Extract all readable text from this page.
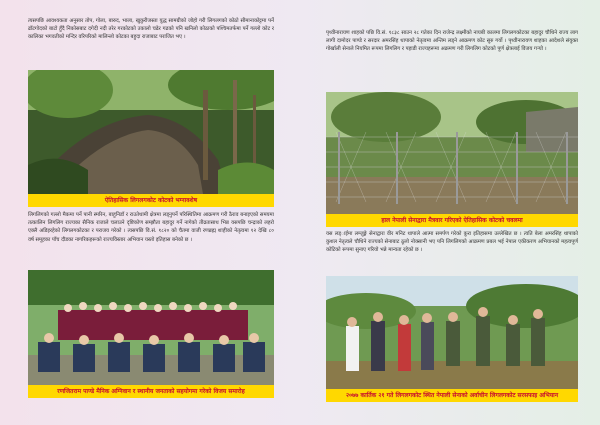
त्यसपछि आवश्यकता अनुसार तोप, गोला, बारुद, भाला, खुकुरीजस्ता युद्ध सामग्रीको जोहो गरी लिगलगको कोठो सीमानाकोट्टमा पर्ने ढाँटगोदको बाटो हुँदै निकोसबाट दगेदी नदी तरेर गरकोटको उकालो चढेर गढको पनि खनिलो कोठाको पश्चिमतर्फमा पर्ने गल्लो कोट र कालिका भगवतीको मन्दिर वरिपरिको मालिन्लो कोटका बहुदा राजाबाट पराजित भए ।

ऐतिहासिक लिगलगकोट कोटको भग्नावशेष

लिगलिगको गल्लो मैकमा पर्ने पानी स्मरिन, बाहुनिडाँ र राउतेथामी क्षेत्रमा लड्नुपर्ने परिस्थितिमा आक्रमण गरी ठैराव बनाइएको समयमा तत्कालिन लिगलिग राज्यका सैनिक राजाले चलाउने दृष्टिकोण सम्झौता बहादुर गर्ने नागेको तीव्रतासाथ भिन्न यसपछि चन्द्राको लहरो एक्लै अडिइरहेको लिगलगकोटका र पराजय गरेको । त्यसपछि वि.सं. १८२० को चैतमा वाजी रणब्रह्म शाहीको नेतृत्वमा १२ देखि ८० वर्ष समूहका पाँच दौडका नागरिकहरूको राज्यविस्तार अभियान यस्तो इतिहास बनेको छ ।

रणजितराम पाण्डे मैनिक अग्निवान र स्थानीय जनताको सहयोगमा गरेको विजय समारोह

पृथ्वीनारायण शाहको पछि वि.सं. १८३८ साउन २८ गतेका दिन राजेन्द्र लक्ष्मीको नायबी कालमा लिगलगकोटका बहादुर चौथिने राज्य लाग लागी दामोदर पाण्डे र सरदार अमरसिंह थापाको नेतृत्वमा अन्तिम लड्ने आक्रमण कोट सुरु गर्यो । पृथ्वीनारायण शाहका आदेशले संयुक्त गोर्खाली सेनाले नियमित रूपमा लिगलिग र पहाडी राज्यहरूमा अक्रमण गरी लिगलिग कोटको पूर्ण क्षेत्रलाई विजय गर्‍यो ।

हाल नेपाली सेनाद्वारा मैत्रवार गरिएको ऐतिहासिक कोटको चवलमा

यस लड्ाईमा लम्जुङ्गे सेनाद्वारा वीर मनिट थापाले आत्मा समर्पण गरेको कुरा इतिहासमा उल्लेखित छ । त्यति बेला अमरसिंह थापाको कुशल नेतृत्वले चौथिने राज्यको सेनाबाट ठूलो नोक्सानी भए पनि लिगलिगको आक्रमण प्रबल भई नेपाल एकीकरण अभियानको महत्वपूर्ण कोटिको रूपमा सुनाए गरियो भन्ने मान्यता रहेको छ ।

२०७७ कार्तिक २१ गते लिगलगकोट स्थित नेपाली सेनाको अर्वाचीन लिगलगकोट सरसफाइ अभियान
